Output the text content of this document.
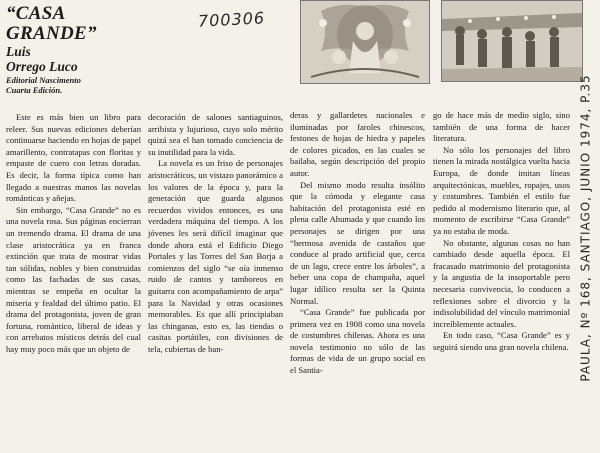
“CASA GRANDE”
Luis
Orrego Luco
Editorial Nascimento
Cuarta Edición.
700306

Este es más bien un libro para releer. Sus nuevas ediciones deberían continuarse haciendo en hojas de papel amarillento, contratapas con floritas y empaste de cuero con letras doradas. Es decir, la forma típica como han llegado a nuestras manos las novelas románticas y añejas.

Sin embargo, “Casa Grande” no es una novela rosa. Sus páginas encierran un tremendo drama. El drama de una clase aristocrática ya en franca extinción que trata de mostrar vidas tan sólidas, nobles y bien construidas como las fachadas de sus casas, mientras se empeña en ocultar la miseria y fealdad del último patio. El drama del protagonista, joven de gran fortuna, romántico, liberal de ideas y con arrebatos místicos detrás del cual hay muy poco más que un objeto de

decoración de salones santiaguinos, arribista y lujurioso, cuyo solo mérito quizá sea el han tomado conciencia de su inutilidad para la vida.

La novela es un friso de personajes aristocráticos, un vistazo panorámico a los valores de la época y, para la generación que guarda algunos recuerdos vividos entonces, es una verdadera máquina del tiempo. A los jóvenes les será difícil imaginar que donde ahora está el Edificio Diego Portales y las Torres del San Borja a comienzos del siglo “se oía inmenso ruido de cantos y tamboreos en guitarra con acompañamiento de arpa” para la Navidad y otras ocasiones memorables. Es que allí principiaban las chinganas, esto es, las tiendas o casitas portátiles, con divisiones de tela, cubiertas de ban-

deras y gallardetes nacionales e iluminadas por faroles chinescos, festones de hojas de hiedra y papeles de colores picados, en las cuales se bailaba, según descripción del propio autor.

Del mismo modo resulta insólito que la cómoda y elegante casa habitación del protagonista esté en plena calle Ahumada y que cuando los personajes se dirigen por una “hermosa avenida de castaños que conduce al prado artificial que, cerca de un lago, crece entre los árboles”, a beber una copa de champaña, aquel lugar idílico resulta ser la Quinta Normal.

“Casa Grande” fue publicada por primera vez en 1908 como una novela de costumbres chilenas. Ahora es una novela testimonio no sólo de las formas de vida de un grupo social en el Santia-

go de hace más de medio siglo, sino también de una forma de hacer literatura.

No sólo los personajes del libro tienen la mirada nostálgica vuelta hacia Europa, de donde imitan líneas arquitectónicas, muebles, ropajes, usos y costumbres. También el estilo fue pedido al modernismo literario que, al momento de escribirse “Casa Grande” ya no estaba de moda.

No obstante, algunas cosas no han cambiado desde aquella época. El fracasado matrimonio del protagonista y la angustia de la insoportable pero necesaria convivencia, lo conducen a reflexiones sobre el divorcio y la indisolubilidad del vínculo matrimonial increíblemente actuales.

En todo caso, “Casa Grande” es y seguirá siendo una gran novela chilena. PAULA, Nº 168, SANTIAGO, JUNIO 1974, P.35
